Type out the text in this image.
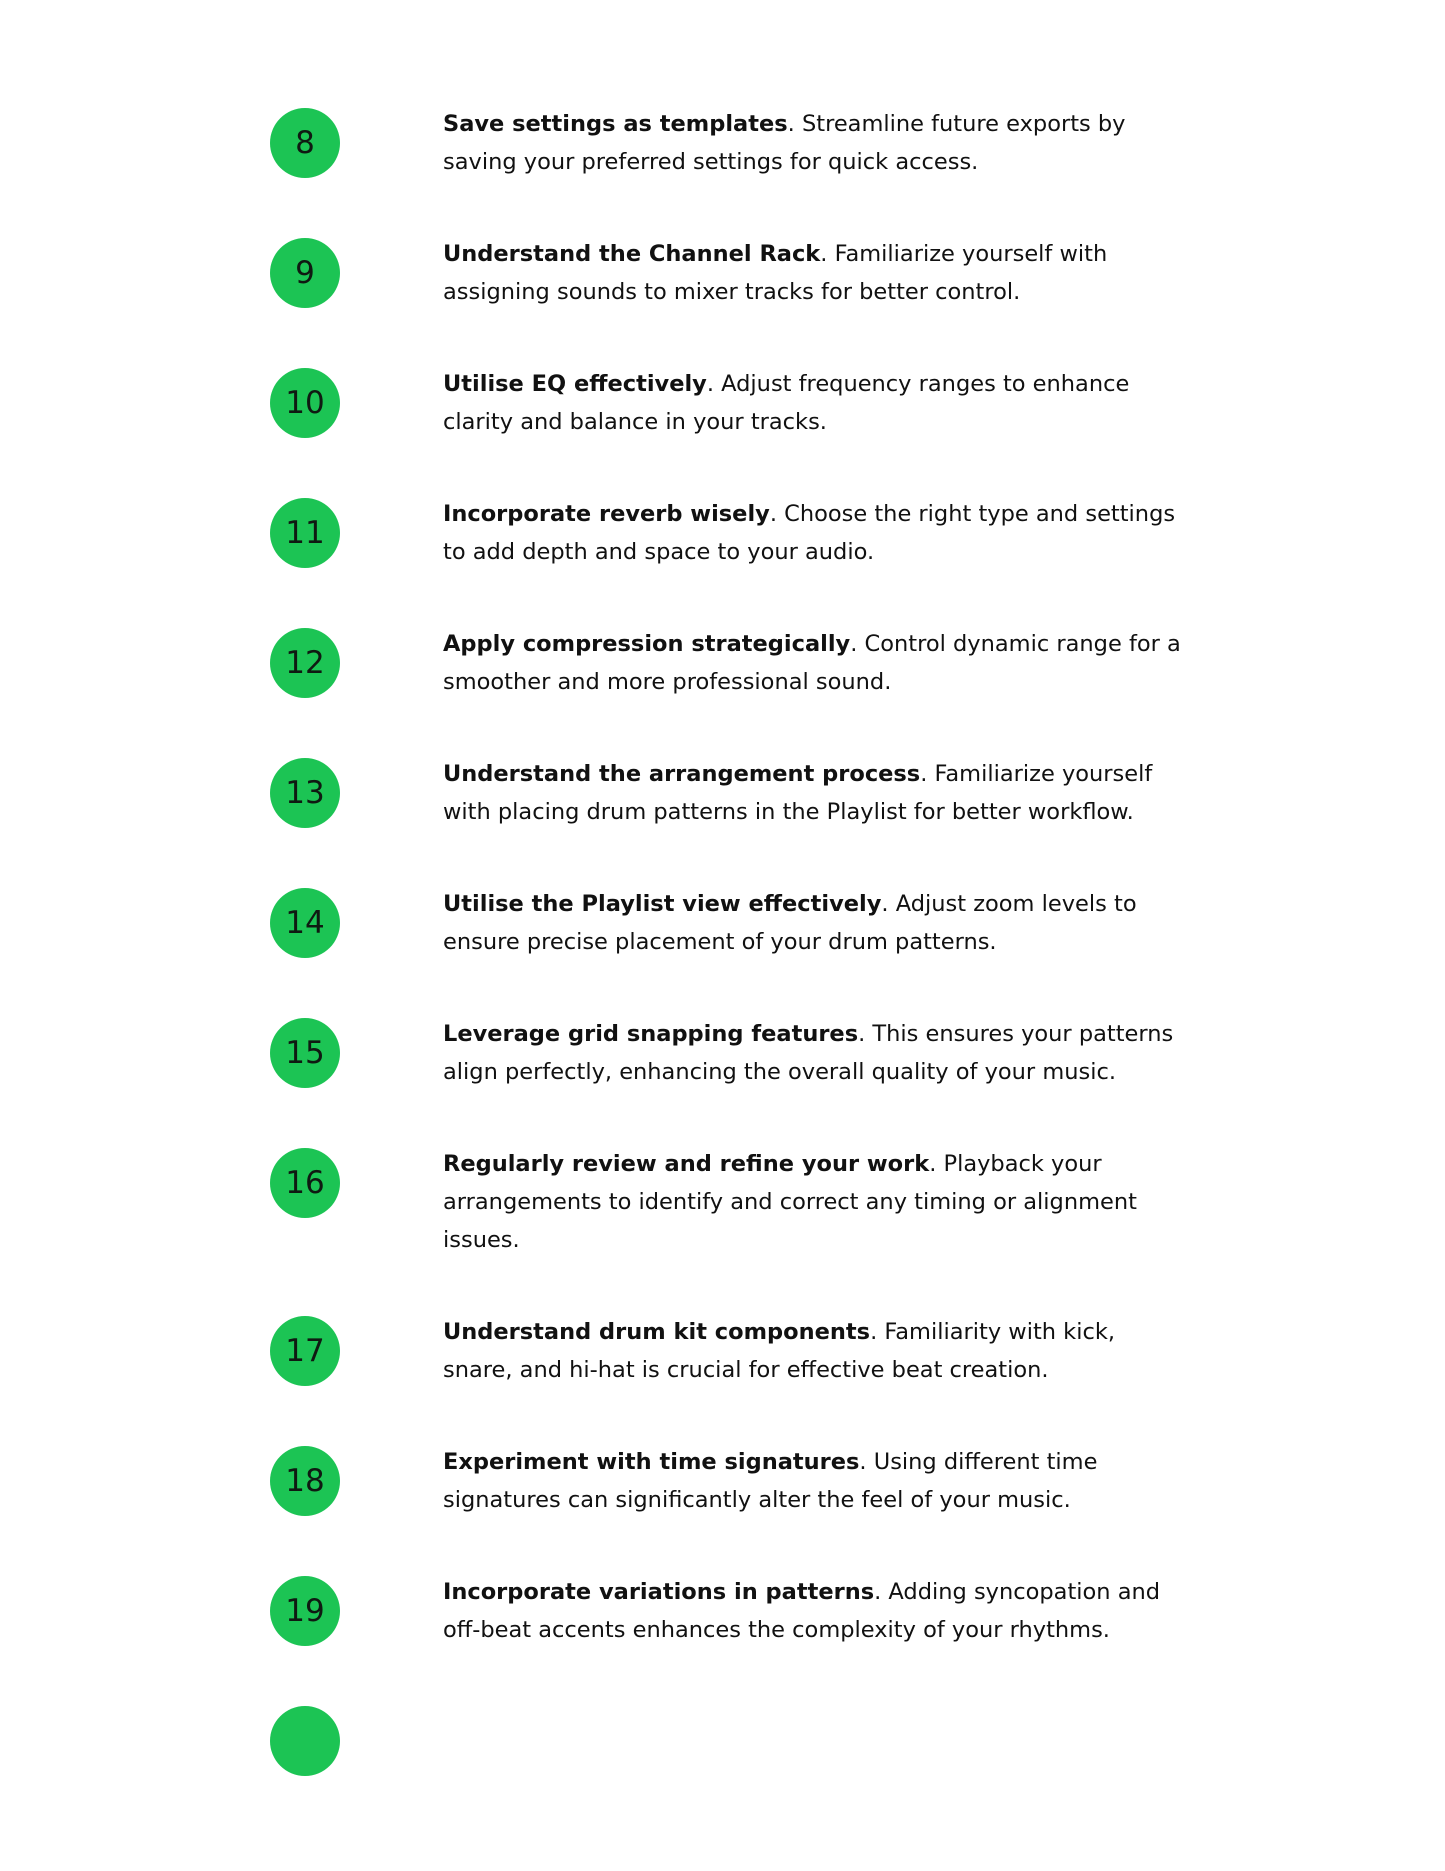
8
Save settings as templates. Streamline future exports by saving your preferred settings for quick access.
9
Understand the Channel Rack. Familiarize yourself with assigning sounds to mixer tracks for better control.
10
Utilise EQ effectively. Adjust frequency ranges to enhance clarity and balance in your tracks.
11
Incorporate reverb wisely. Choose the right type and settings to add depth and space to your audio.
12
Apply compression strategically. Control dynamic range for a smoother and more professional sound.
13
Understand the arrangement process. Familiarize yourself with placing drum patterns in the Playlist for better workflow.
14
Utilise the Playlist view effectively. Adjust zoom levels to ensure precise placement of your drum patterns.
15
Leverage grid snapping features. This ensures your patterns align perfectly, enhancing the overall quality of your music.
16
Regularly review and refine your work. Playback your arrangements to identify and correct any timing or alignment issues.
17
Understand drum kit components. Familiarity with kick, snare, and hi-hat is crucial for effective beat creation.
18
Experiment with time signatures. Using different time signatures can significantly alter the feel of your music.
19
Incorporate variations in patterns. Adding syncopation and off-beat accents enhances the complexity of your rhythms.
